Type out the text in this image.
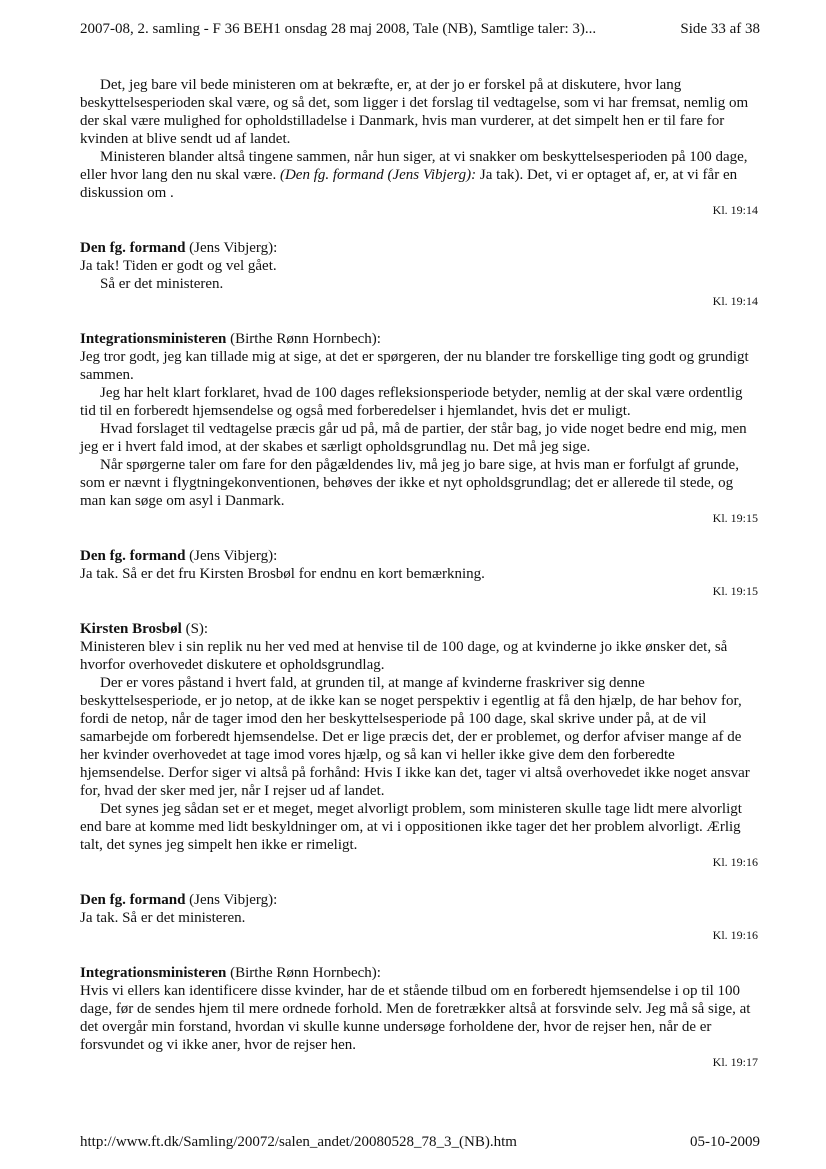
2007-08, 2. samling - F 36 BEH1 onsdag 28 maj 2008, Tale (NB), Samtlige taler: 3)...	Side 33 af 38

Det, jeg bare vil bede ministeren om at bekræfte, er, at der jo er forskel på at diskutere, hvor lang beskyttelsesperioden skal være, og så det, som ligger i det forslag til vedtagelse, som vi har fremsat, nemlig om der skal være mulighed for opholdstilladelse i Danmark, hvis man vurderer, at det simpelt hen er til fare for kvinden at blive sendt ud af landet.

Ministeren blander altså tingene sammen, når hun siger, at vi snakker om beskyttelsesperioden på 100 dage, eller hvor lang den nu skal være. (Den fg. formand (Jens Vibjerg): Ja tak). Det, vi er optaget af, er, at vi får en diskussion om .

Kl. 19:14
Den fg. formand (Jens Vibjerg):

Ja tak! Tiden er godt og vel gået.

Så er det ministeren.

Kl. 19:14
Integrationsministeren (Birthe Rønn Hornbech):

Jeg tror godt, jeg kan tillade mig at sige, at det er spørgeren, der nu blander tre forskellige ting godt og grundigt sammen.

Jeg har helt klart forklaret, hvad de 100 dages refleksionsperiode betyder, nemlig at der skal være ordentlig tid til en forberedt hjemsendelse og også med forberedelser i hjemlandet, hvis det er muligt.

Hvad forslaget til vedtagelse præcis går ud på, må de partier, der står bag, jo vide noget bedre end mig, men jeg er i hvert fald imod, at der skabes et særligt opholdsgrundlag nu. Det må jeg sige.

Når spørgerne taler om fare for den pågældendes liv, må jeg jo bare sige, at hvis man er forfulgt af grunde, som er nævnt i flygtningekonventionen, behøves der ikke et nyt opholdsgrundlag; det er allerede til stede, og man kan søge om asyl i Danmark.

Kl. 19:15
Den fg. formand (Jens Vibjerg):

Ja tak. Så er det fru Kirsten Brosbøl for endnu en kort bemærkning.

Kl. 19:15
Kirsten Brosbøl (S):

Ministeren blev i sin replik nu her ved med at henvise til de 100 dage, og at kvinderne jo ikke ønsker det, så hvorfor overhovedet diskutere et opholdsgrundlag.

Der er vores påstand i hvert fald, at grunden til, at mange af kvinderne fraskriver sig denne beskyttelsesperiode, er jo netop, at de ikke kan se noget perspektiv i egentlig at få den hjælp, de har behov for, fordi de netop, når de tager imod den her beskyttelsesperiode på 100 dage, skal skrive under på, at de vil samarbejde om forberedt hjemsendelse. Det er lige præcis det, der er problemet, og derfor afviser mange af de her kvinder overhovedet at tage imod vores hjælp, og så kan vi heller ikke give dem den forberedte hjemsendelse. Derfor siger vi altså på forhånd: Hvis I ikke kan det, tager vi altså overhovedet ikke noget ansvar for, hvad der sker med jer, når I rejser ud af landet.

Det synes jeg sådan set er et meget, meget alvorligt problem, som ministeren skulle tage lidt mere alvorligt end bare at komme med lidt beskyldninger om, at vi i oppositionen ikke tager det her problem alvorligt. Ærlig talt, det synes jeg simpelt hen ikke er rimeligt.

Kl. 19:16
Den fg. formand (Jens Vibjerg):

Ja tak. Så er det ministeren.

Kl. 19:16
Integrationsministeren (Birthe Rønn Hornbech):

Hvis vi ellers kan identificere disse kvinder, har de et stående tilbud om en forberedt hjemsendelse i op til 100 dage, før de sendes hjem til mere ordnede forhold. Men de foretrækker altså at forsvinde selv. Jeg må så sige, at det overgår min forstand, hvordan vi skulle kunne undersøge forholdene der, hvor de rejser hen, når de er forsvundet og vi ikke aner, hvor de rejser hen.

Kl. 19:17
http://www.ft.dk/Samling/20072/salen_andet/20080528_78_3_(NB).htm	05-10-2009
